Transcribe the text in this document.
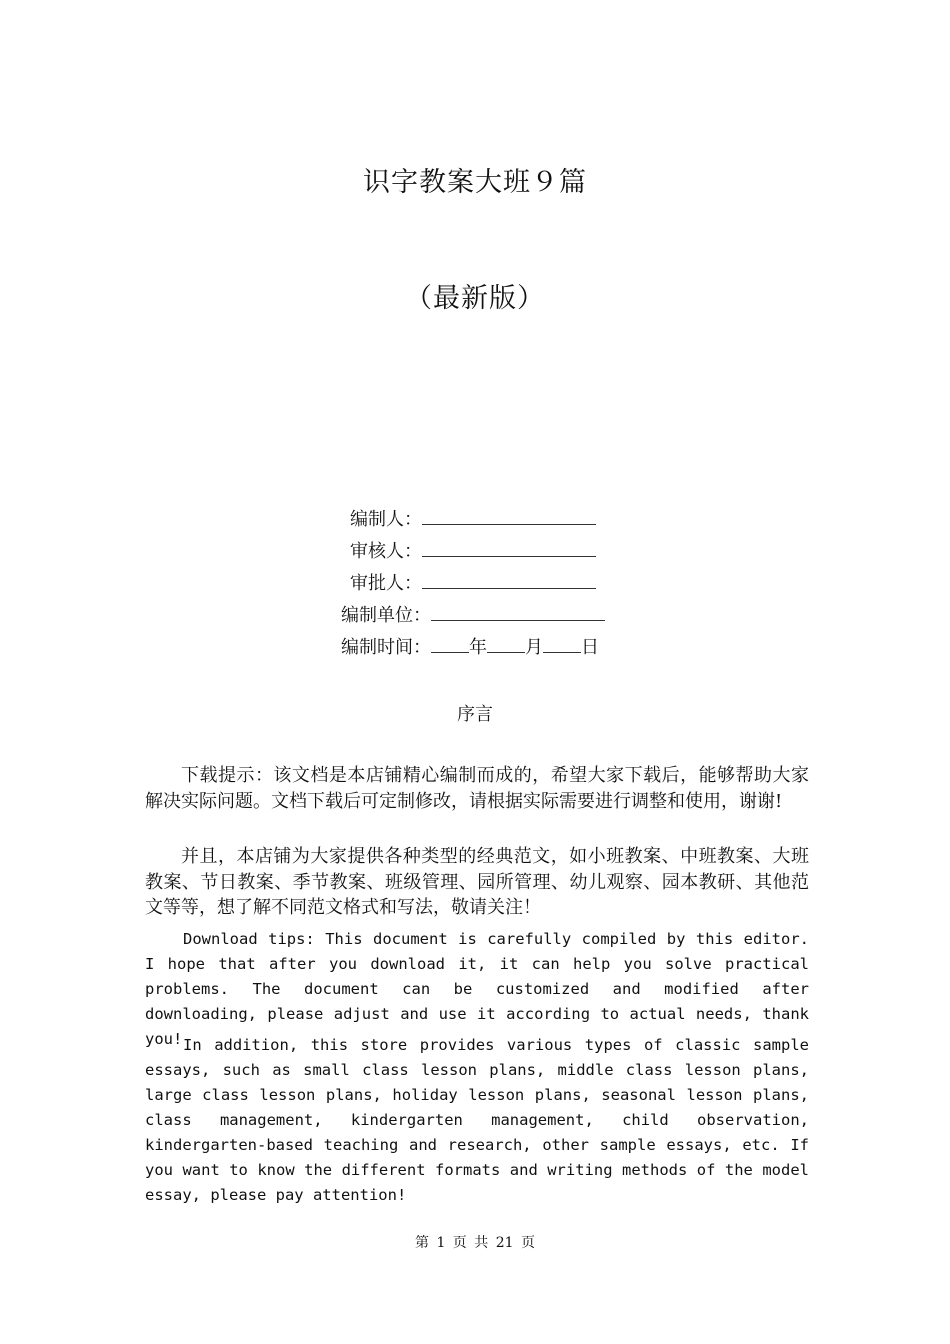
识字教案大班９篇
（最新版）
编制人：
审核人：
审批人：
编制单位：
编制时间： 年 月 日
序言
下载提示：该文档是本店铺精心编制而成的，希望大家下载后，能够帮助大家解决实际问题。文档下载后可定制修改，请根据实际需要进行调整和使用，谢谢!
并且，本店铺为大家提供各种类型的经典范文，如小班教案、中班教案、大班教案、节日教案、季节教案、班级管理、园所管理、幼儿观察、园本教研、其他范文等等，想了解不同范文格式和写法，敬请关注！
Download tips: This document is carefully compiled by this editor. I hope that after you download it, it can help you solve practical problems. The document can be customized and modified after downloading, please adjust and use it according to actual needs, thank you! In addition, this store provides various types of classic sample essays, such as small class lesson plans, middle class lesson plans, large class lesson plans, holiday lesson plans, seasonal lesson plans, class management, kindergarten management, child observation, kindergarten-based teaching and research, other sample essays, etc. If you want to know the different formats and writing methods of the model essay, please pay attention!
第 1 页 共 21 页
